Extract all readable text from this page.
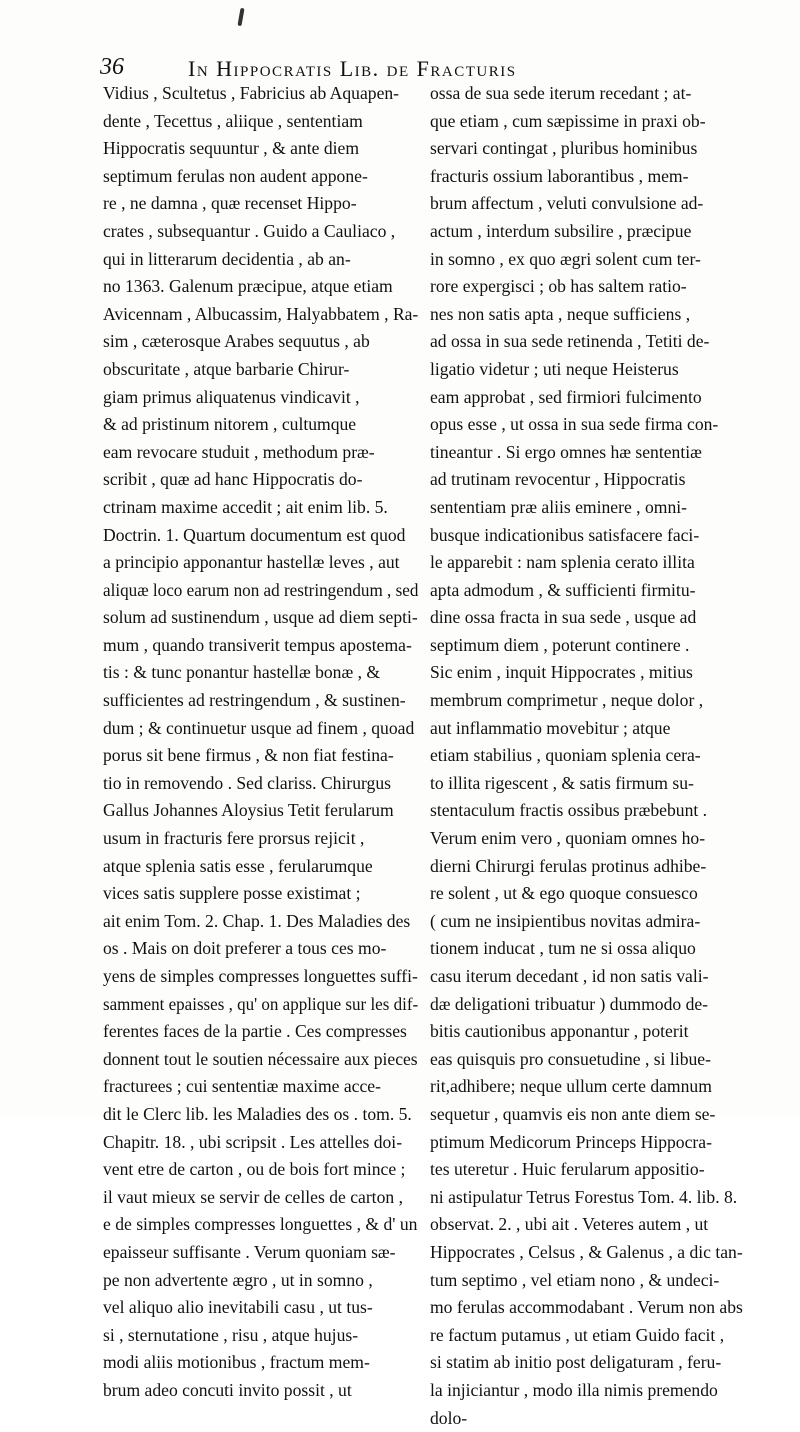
36	In Hippocratis Lib. de Fracturis
Vidius , Scultetus , Fabricius ab Aquapen-
dente , Tecettus , aliique , sententiam
Hippocratis sequuntur , & ante diem
septimum ferulas non audent appone-
re , ne damna , quæ recenset Hippo-
crates , subsequantur . Guido a Cauliaco ,
qui in litterarum decidentia , ab an-
no 1363. Galenum præcipue, atque etiam
Avicennam , Albucassim, Halyabbatem , Ra-
sim , cæterosque Arabes sequutus , ab
obscuritate , atque barbarie Chirur-
giam primus aliquatenus vindicavit ,
& ad pristinum nitorem , cultumque
eam revocare studuit , methodum præ-
scribit , quæ ad hanc Hippocratis do-
ctrinam maxime accedit ; ait enim lib. 5.
Doctrin. 1. Quartum documentum est quod
a principio apponantur hastellæ leves , aut
aliquæ loco earum non ad restringendum , sed
solum ad sustinendum , usque ad diem septi-
mum , quando transiverit tempus apostema-
tis : & tunc ponantur hastellæ bonæ , &
sufficientes ad restringendum , & sustinen-
dum ; & continuetur usque ad finem , quoad
porus sit bene firmus , & non fiat festina-
tio in removendo . Sed clariss. Chirurgus
Gallus Johannes Aloysius Tetit ferularum
usum in fracturis fere prorsus rejicit ,
atque splenia satis esse , ferularumque
vices satis supplere posse existimat ;
ait enim Tom. 2. Chap. 1. Des Maladies des
os . Mais on doit preferer a tous ces mo-
yens de simples compresses longuettes suffi-
samment epaisses , qu' on applique sur les dif-
ferentes faces de la partie . Ces compresses
donnent tout le soutien nécessaire aux pieces
fracturees ; cui sententiæ maxime acce-
dit le Clerc lib. les Maladies des os . tom. 5.
Chapitr. 18. , ubi scripsit . Les attelles doi-
vent etre de carton , ou de bois fort mince ;
il vaut mieux se servir de celles de carton ,
e de simples compresses longuettes , & d' un
epaisseur suffisante . Verum quoniam sæ-
pe non advertente ægro , ut in somno ,
vel aliquo alio inevitabili casu , ut tus-
si , sternutatione , risu , atque hujus-
modi aliis motionibus , fractum mem-
brum adeo concuti invito possit , ut
ossa de sua sede iterum recedant ; at-
que etiam , cum sæpissime in praxi ob-
servari contingat , pluribus hominibus
fracturis ossium laborantibus , mem-
brum affectum , veluti convulsione ad-
actum , interdum subsilire , præcipue
in somno , ex quo ægri solent cum ter-
rore expergisci ; ob has saltem ratio-
nes non satis apta , neque sufficiens ,
ad ossa in sua sede retinenda , Tetiti de-
ligatio videtur ; uti neque Heisterus
eam approbat , sed firmiori fulcimento
opus esse , ut ossa in sua sede firma con-
tineantur . Si ergo omnes hæ sententiæ
ad trutinam revocentur , Hippocratis
sententiam præ aliis eminere , omni-
busque indicationibus satisfacere faci-
le apparebit : nam splenia cerato illita
apta admodum , & sufficienti firmitu-
dine ossa fracta in sua sede , usque ad
septimum diem , poterunt continere .
Sic enim , inquit Hippocrates , mitius
membrum comprimetur , neque dolor ,
aut inflammatio movebitur ; atque
etiam stabilius , quoniam splenia cera-
to illita rigescent , & satis firmum su-
stentaculum fractis ossibus præbebunt .
Verum enim vero , quoniam omnes ho-
dierni Chirurgi ferulas protinus adhibe-
re solent , ut & ego quoque consuesco
( cum ne insipientibus novitas admira-
tionem inducat , tum ne si ossa aliquo
casu iterum decedant , id non satis vali-
dæ deligationi tribuatur ) dummodo de-
bitis cautionibus apponantur , poterit
eas quisquis pro consuetudine , si libue-
rit,adhibere; neque ullum certe damnum
sequetur , quamvis eis non ante diem se-
ptimum Medicorum Princeps Hippocra-
tes uteretur . Huic ferularum appositio-
ni astipulatur Tetrus Forestus Tom. 4. lib. 8.
observat. 2. , ubi ait . Veteres autem , ut
Hippocrates , Celsus , & Galenus , a dic tan-
tum septimo , vel etiam nono , & undeci-
mo ferulas accommodabant . Verum non abs
re factum putamus , ut etiam Guido facit ,
si statim ab initio post deligaturam , feru-
la injiciantur , modo illa nimis premendo
dolo-
